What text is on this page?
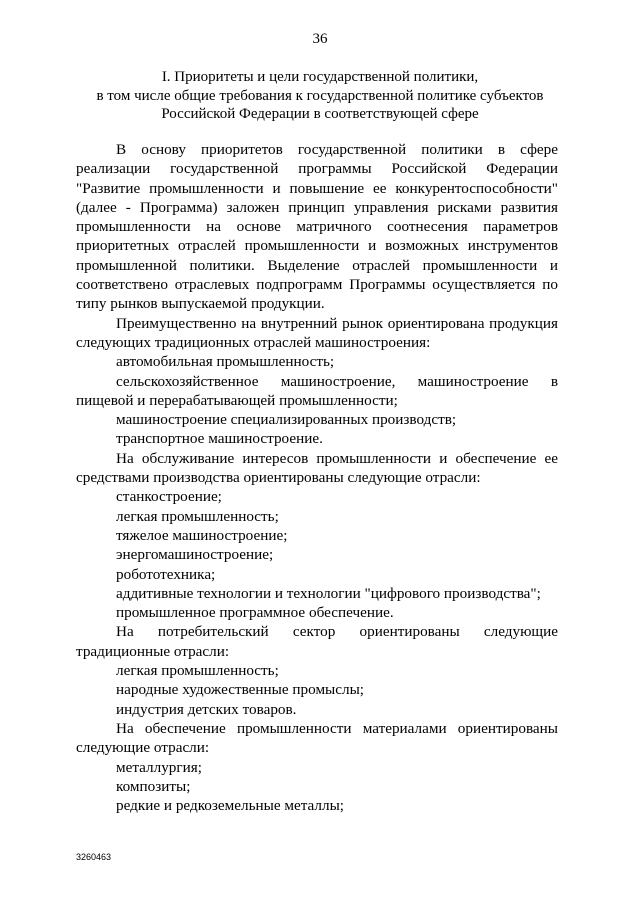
36
I. Приоритеты и цели государственной политики,
в том числе общие требования к государственной политике субъектов
Российской Федерации в соответствующей сфере

В основу приоритетов государственной политики в сфере реализации государственной программы Российской Федерации "Развитие промышленности и повышение ее конкурентоспособности" (далее - Программа) заложен принцип управления рисками развития промышленности на основе матричного соотнесения параметров приоритетных отраслей промышленности и возможных инструментов промышленной политики. Выделение отраслей промышленности и соответствено отраслевых подпрограмм Программы осуществляется по типу рынков выпускаемой продукции.

Преимущественно на внутренний рынок ориентирована продукция следующих традиционных отраслей машиностроения:

автомобильная промышленность;

сельскохозяйственное машиностроение, машиностроение в пищевой и перерабатывающей промышленности;

машиностроение специализированных производств;

транспортное машиностроение.

На обслуживание интересов промышленности и обеспечение ее средствами производства ориентированы следующие отрасли:

станкостроение;

легкая промышленность;

тяжелое машиностроение;

энергомашиностроение;

робототехника;

аддитивные технологии и технологии "цифрового производства";

промышленное программное обеспечение.

На потребительский сектор ориентированы следующие традиционные отрасли:

легкая промышленность;

народные художественные промыслы;

индустрия детских товаров.

На обеспечение промышленности материалами ориентированы следующие отрасли:

металлургия;

композиты;

редкие и редкоземельные металлы;

3260463
